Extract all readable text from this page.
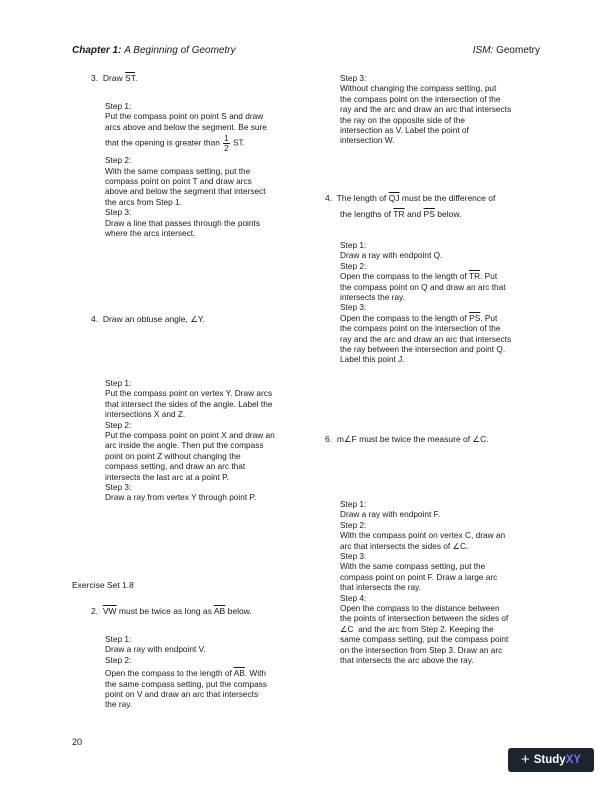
Chapter 1: A Beginning of Geometry	ISM: Geometry
3. Draw $\overline{ST}$.
Step 1:
Put the compass point on point S and draw
arcs above and below the segment. Be sure
that the opening is greater than $\frac{1}{2}$ ST.
Step 2:
With the same compass setting, put the
compass point on point T and draw arcs
above and below the segment that intersect
the arcs from Step 1.
Step 3:
Draw a line that passes through the points
where the arcs intersect.
Step 3:
Without changing the compass setting, put
the compass point on the intersection of the
ray and the arc and draw an arc that intersects
the ray on the opposite side of the
intersection as V. Label the point of
intersection W.
4. Draw an obtuse angle, ∠Y.
Step 1:
Put the compass point on vertex Y. Draw arcs
that intersect the sides of the angle. Label the
intersections X and Z.
Step 2:
Put the compass point on point X and draw an
arc inside the angle. Then put the compass
point on point Z without changing the
compass setting, and draw an arc that
intersects the last arc at a point P.
Step 3:
Draw a ray from vertex Y through point P.
4. The length of $\overline{QJ}$ must be the difference of
the lengths of $\overline{TR}$ and $\overline{PS}$ below.
Step 1:
Draw a ray with endpoint Q.
Step 2:
Open the compass to the length of $\overline{TR}$. Put
the compass point on Q and draw an arc that
intersects the ray.
Step 3:
Open the compass to the length of $\overline{PS}$. Put
the compass point on the intersection of the
ray and the arc and draw an arc that intersects
the ray between the intersection and point Q.
Label this point J.
6. m∠F must be twice the measure of ∠C.
Step 1:
Draw a ray with endpoint F.
Step 2:
With the compass point on vertex C, draw an
arc that intersects the sides of ∠C.
Step 3:
With the same compass setting, put the
compass point on point F. Draw a large arc
that intersects the ray.
Step 4:
Open the compass to the distance between
the points of intersection between the sides of
∠C and the arc from Step 2. Keeping the
same compass setting, put the compass point
on the intersection from Step 3. Draw an arc
that intersects the arc above the ray.
Exercise Set 1.8
2. $\overline{VW}$ must be twice as long as $\overline{AB}$ below.
Step 1:
Draw a ray with endpoint V.
Step 2:
Open the compass to the length of $\overline{AB}$. With
the same compass setting, put the compass
point on V and draw an arc that intersects
the ray.
20
+ Study XY
